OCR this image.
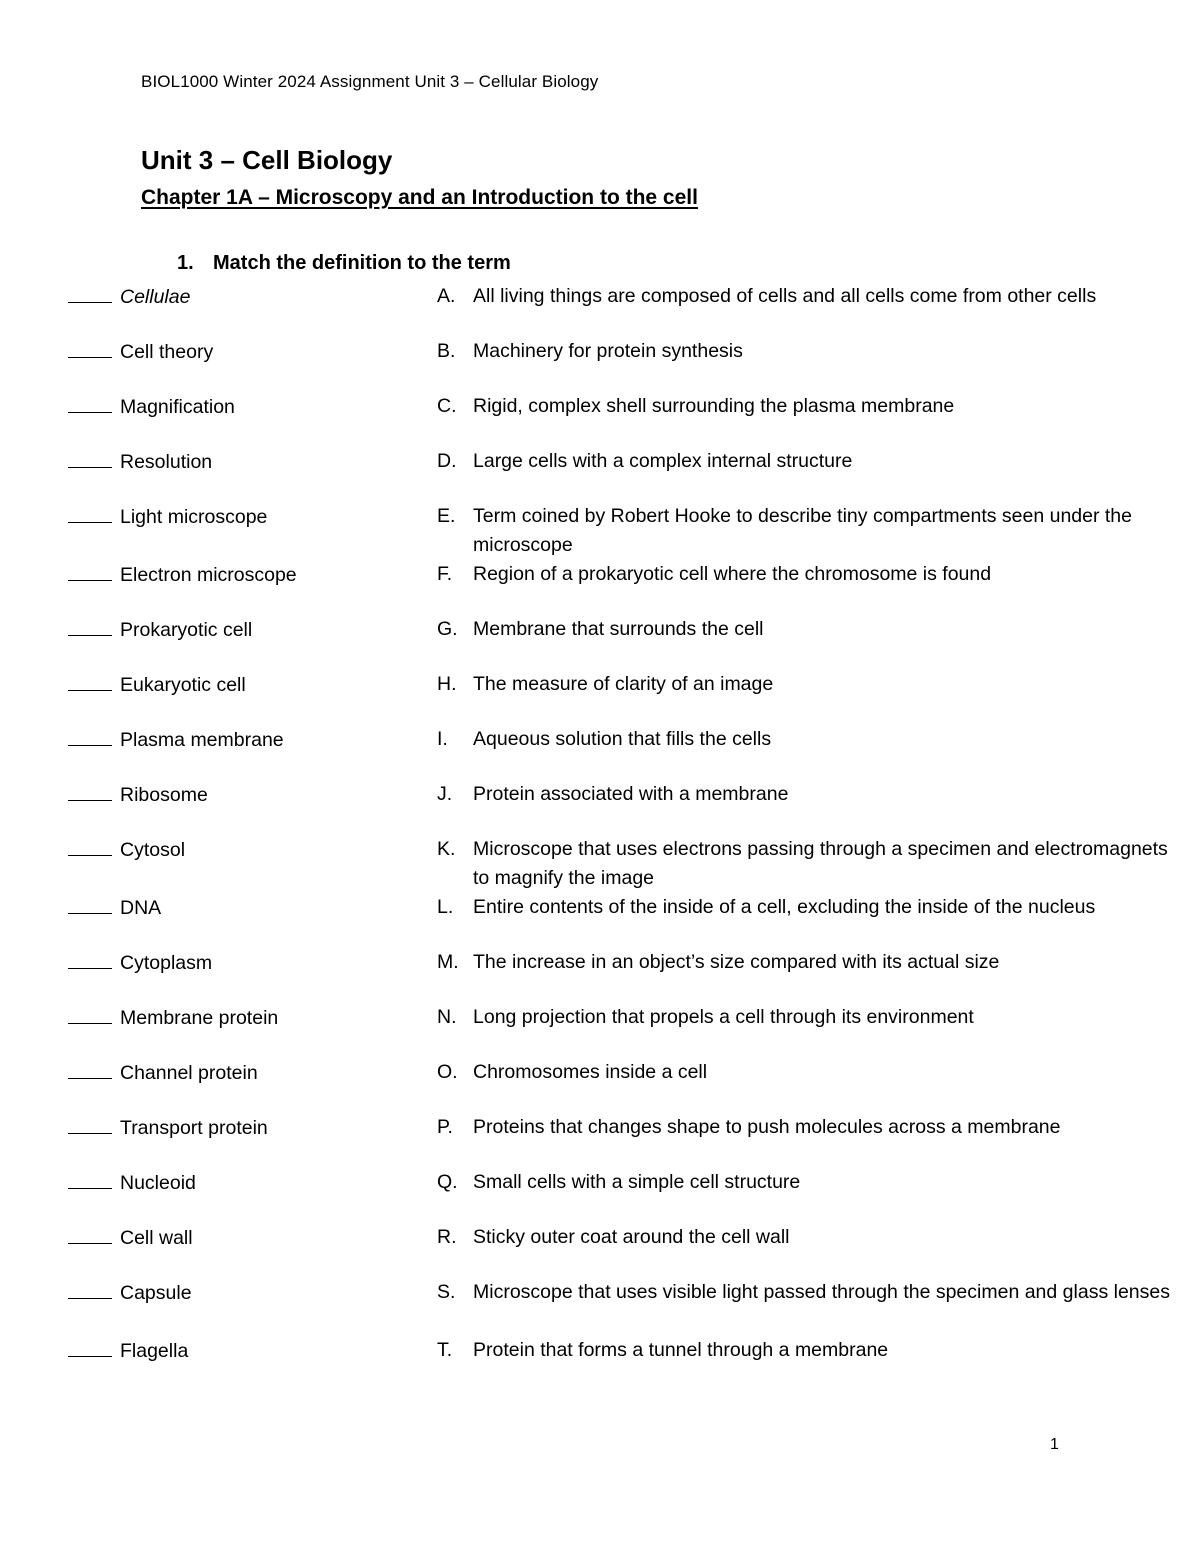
BIOL1000 Winter 2024 Assignment Unit 3 – Cellular Biology
Unit 3 – Cell Biology
Chapter 1A – Microscopy and an Introduction to the cell
1. Match the definition to the term
Cellulae	A. All living things are composed of cells and all cells come from other cells
Cell theory	B. Machinery for protein synthesis
Magnification	C. Rigid, complex shell surrounding the plasma membrane
Resolution	D. Large cells with a complex internal structure
Light microscope	E. Term coined by Robert Hooke to describe tiny compartments seen under the microscope
Electron microscope	F. Region of a prokaryotic cell where the chromosome is found
Prokaryotic cell	G. Membrane that surrounds the cell
Eukaryotic cell	H. The measure of clarity of an image
Plasma membrane	I. Aqueous solution that fills the cells
Ribosome	J. Protein associated with a membrane
Cytosol	K. Microscope that uses electrons passing through a specimen and electromagnets to magnify the image
DNA	L. Entire contents of the inside of a cell, excluding the inside of the nucleus
Cytoplasm	M. The increase in an object’s size compared with its actual size
Membrane protein	N. Long projection that propels a cell through its environment
Channel protein	O. Chromosomes inside a cell
Transport protein	P. Proteins that changes shape to push molecules across a membrane
Nucleoid	Q. Small cells with a simple cell structure
Cell wall	R. Sticky outer coat around the cell wall
Capsule	S. Microscope that uses visible light passed through the specimen and glass lenses
Flagella	T. Protein that forms a tunnel through a membrane
1
